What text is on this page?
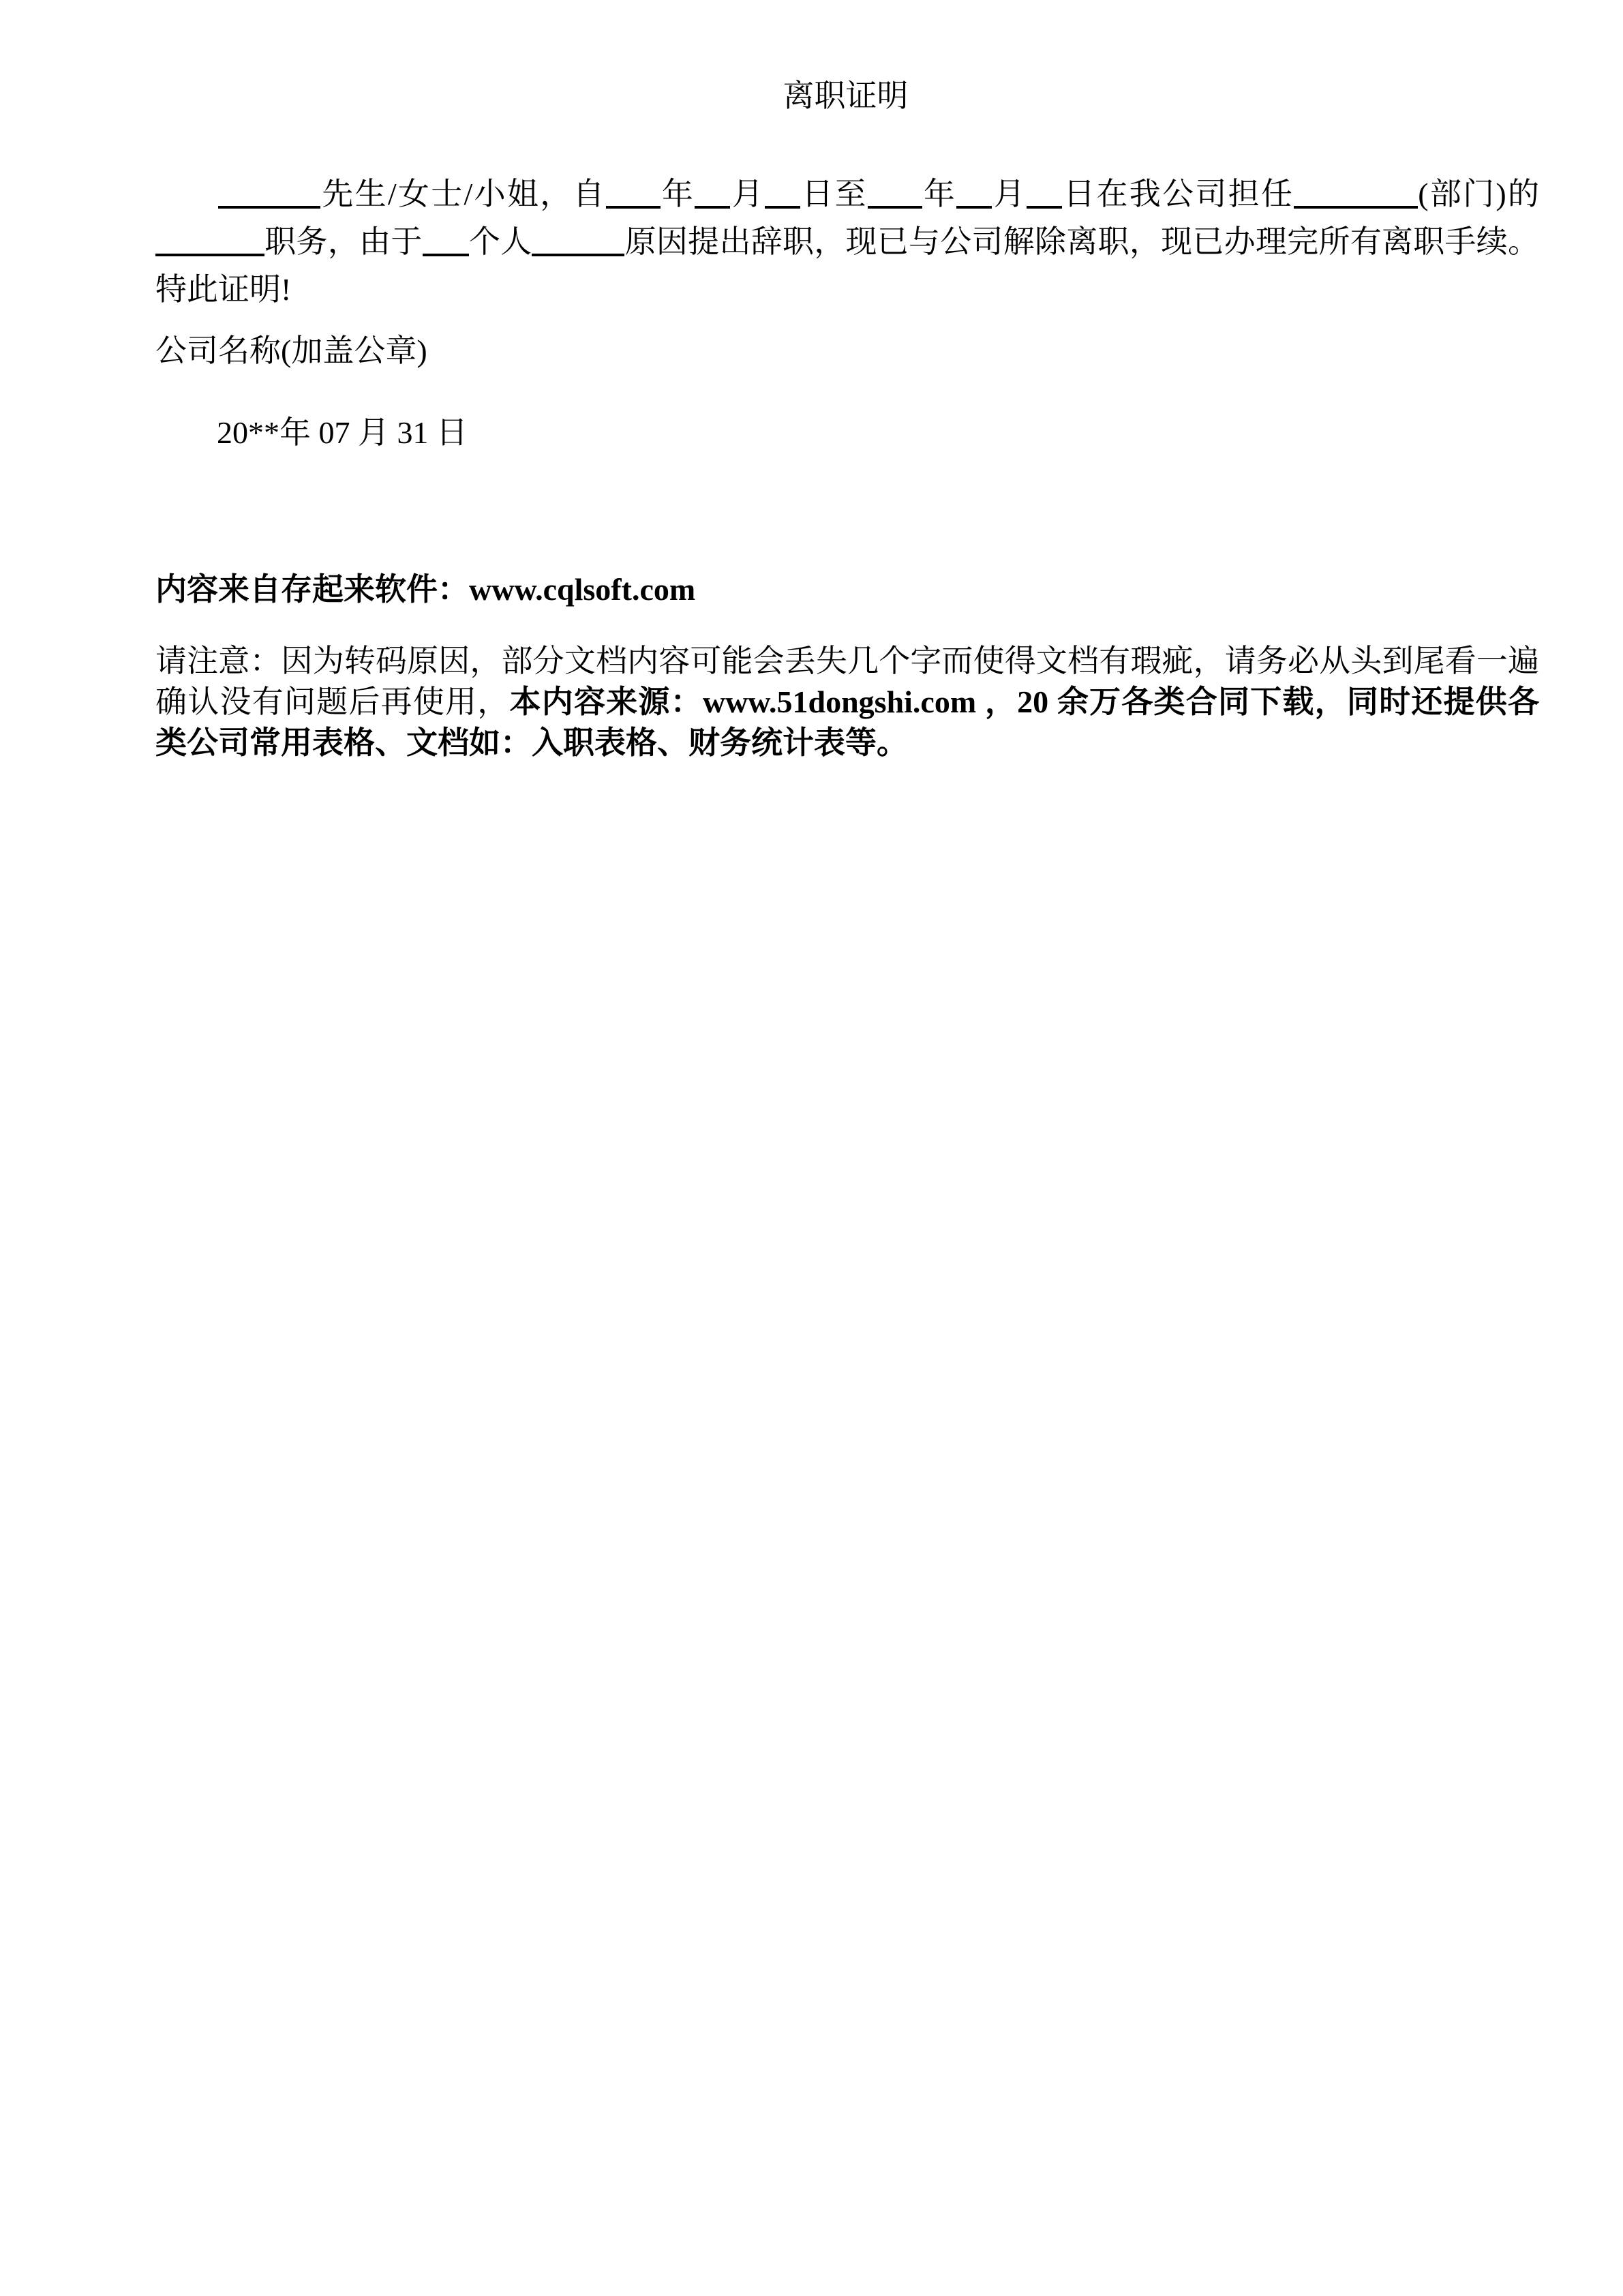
离职证明
先生/女士/小姐，自 年 月 日至 年 月 日在我公司担任	(部门)的职务，由于 个人	原因提出辞职，现已与公司解除离职，现已办理完所有离职手续。特此证明!
公司名称(加盖公章)
20**年 07 月 31 日
内容来自存起来软件：www.cqlsoft.com
请注意：因为转码原因，部分文档内容可能会丢失几个字而使得文档有瑕疵，请务必从头到尾看一遍确认没有问题后再使用，本内容来源：www.51dongshi.com ，20 余万各类合同下载，同时还提供各类公司常用表格、文档如：入职表格、财务统计表等。
